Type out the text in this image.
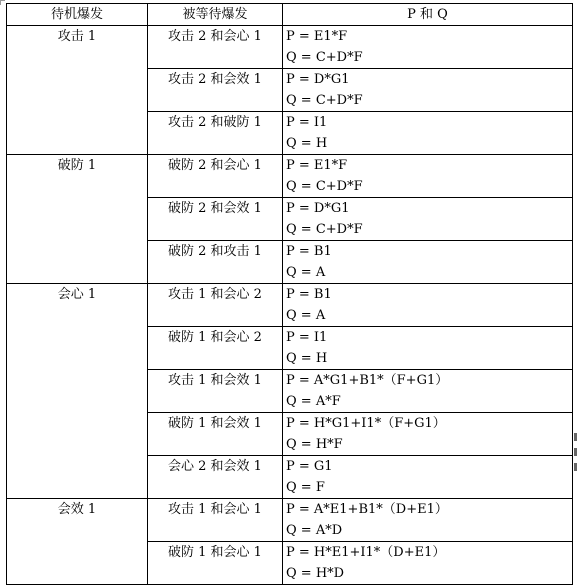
待机爆发	被等待爆发	P 和 Q

攻击 1	攻击 2 和会心 1	P = E1*F
Q = C+D*F

	攻击 2 和会效 1	P = D*G1
Q = C+D*F

	攻击 2 和破防 1	P = I1
Q = H

破防 1	破防 2 和会心 1	P = E1*F
Q = C+D*F

	破防 2 和会效 1	P = D*G1
Q = C+D*F

	破防 2 和攻击 1	P = B1
Q = A

会心 1	攻击 1 和会心 2	P = B1
Q = A

	破防 1 和会心 2	P = I1
Q = H

	攻击 1 和会效 1	P = A*G1+B1*（F+G1）
Q = A*F

	破防 1 和会效 1	P = H*G1+I1*（F+G1）
Q = H*F

	会心 2 和会效 1	P = G1
Q = F

会效 1	攻击 1 和会心 1	P = A*E1+B1*（D+E1）
Q = A*D

	破防 1 和会心 1	P = H*E1+I1*（D+E1）
Q = H*D
